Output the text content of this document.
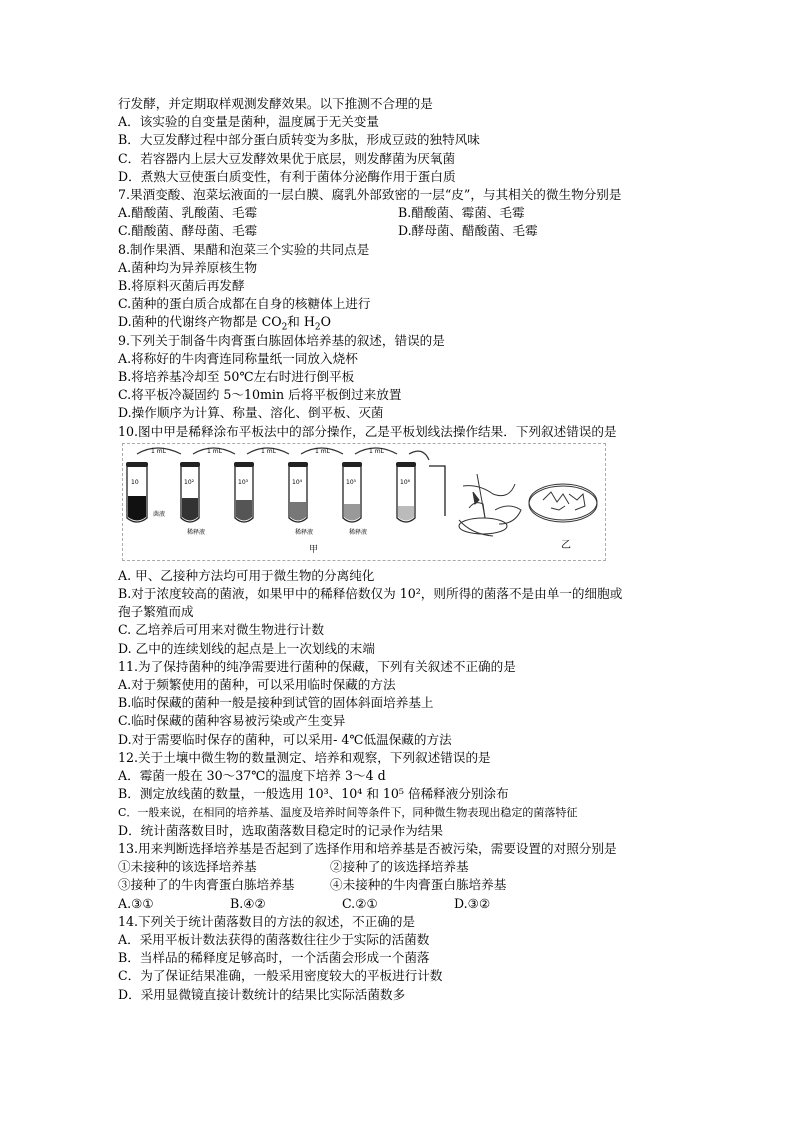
行发酵，并定期取样观测发酵效果。以下推测不合理的是
A．该实验的自变量是菌种，温度属于无关变量
B．大豆发酵过程中部分蛋白质转变为多肽，形成豆豉的独特风味
C．若容器内上层大豆发酵效果优于底层，则发酵菌为厌氧菌
D．煮熟大豆使蛋白质变性，有利于菌体分泌酶作用于蛋白质
7.果酒变酸、泡菜坛液面的一层白膜、腐乳外部致密的一层“皮”，与其相关的微生物分别是
A.醋酸菌、乳酸菌、毛霉	B.醋酸菌、霉菌、毛霉
C.醋酸菌、酵母菌、毛霉	D.酵母菌、醋酸菌、毛霉
8.制作果酒、果醋和泡菜三个实验的共同点是
A.菌种均为异养原核生物
B.将原料灭菌后再发酵
C.菌种的蛋白质合成都在自身的核糖体上进行
D.菌种的代谢终产物都是 $CO_2$和 $H_2O$
9.下列关于制备牛肉膏蛋白胨固体培养基的叙述，错误的是
A.将称好的牛肉膏连同称量纸一同放入烧杯
B.将培养基冷却至 50℃左右时进行倒平板
C.将平板冷凝固约 5～10min 后将平板倒过来放置
D.操作顺序为计算、称量、溶化、倒平板、灭菌
10.图中甲是稀释涂布平板法中的部分操作，乙是平板划线法操作结果．下列叙述错误的是
1 mL	1 mL	1 mL	1 mL	1 mL
10	10²	10³	10⁴	10⁵	10⁶
菌液
稀释液	稀释液	稀释液
甲	乙
A. 甲、乙接种方法均可用于微生物的分离纯化
B.对于浓度较高的菌液，如果甲中的稀释倍数仅为 10²，则所得的菌落不是由单一的细胞或
孢子繁殖而成
C. 乙培养后可用来对微生物进行计数
D. 乙中的连续划线的起点是上一次划线的末端
11.为了保持菌种的纯净需要进行菌种的保藏，下列有关叙述不正确的是
A.对于频繁使用的菌种，可以采用临时保藏的方法
B.临时保藏的菌种一般是接种到试管的固体斜面培养基上
C.临时保藏的菌种容易被污染或产生变异
D.对于需要临时保存的菌种，可以采用- 4℃低温保藏的方法
12.关于土壤中微生物的数量测定、培养和观察，下列叙述错误的是
A．霉菌一般在 30～37℃的温度下培养 3～4 d
B．测定放线菌的数量，一般选用 10³、10⁴ 和 10⁵ 倍稀释液分别涂布
C．一般来说，在相同的培养基、温度及培养时间等条件下，同种微生物表现出稳定的菌落特征
D．统计菌落数目时，选取菌落数目稳定时的记录作为结果
13.用来判断选择培养基是否起到了选择作用和培养基是否被污染，需要设置的对照分别是
①未接种的该选择培养基	②接种了的该选择培养基
③接种了的牛肉膏蛋白胨培养基	④未接种的牛肉膏蛋白胨培养基
A.③①	B.④②	C.②①	D.③②
14.下列关于统计菌落数目的方法的叙述，不正确的是
A．采用平板计数法获得的菌落数往往少于实际的活菌数
B．当样品的稀释度足够高时，一个活菌会形成一个菌落
C．为了保证结果准确，一般采用密度较大的平板进行计数
D．采用显微镜直接计数统计的结果比实际活菌数多
